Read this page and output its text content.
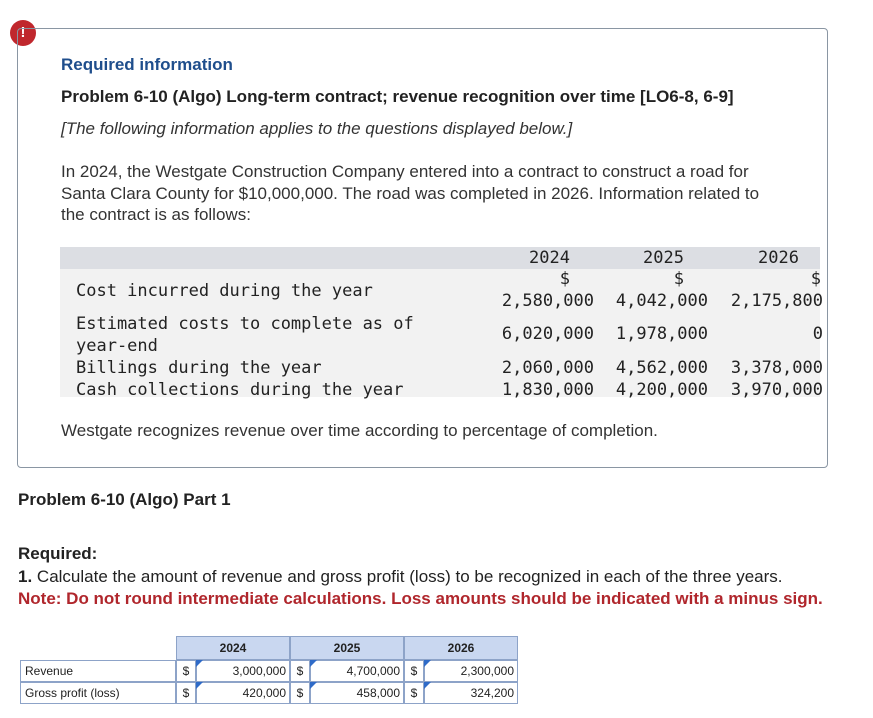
!
Required information
Problem 6-10 (Algo) Long-term contract; revenue recognition over time [LO6-8, 6-9]
[The following information applies to the questions displayed below.]
In 2024, the Westgate Construction Company entered into a contract to construct a road for Santa Clara County for $10,000,000. The road was completed in 2026. Information related to the contract is as follows:
2024	2025	2026
$	$	$
Cost incurred during the year	2,580,000	4,042,000	2,175,800
Estimated costs to complete as of
year-end
6,020,000	1,978,000	0
Billings during the year	2,060,000	4,562,000	3,378,000
Cash collections during the year	1,830,000	4,200,000	3,970,000
Westgate recognizes revenue over time according to percentage of completion.
Problem 6-10 (Algo) Part 1
Required:
1. Calculate the amount of revenue and gross profit (loss) to be recognized in each of the three years.
Note: Do not round intermediate calculations. Loss amounts should be indicated with a minus sign.
2024	2025	2026
Revenue	$	3,000,000 $	4,700,000 $	2,300,000
Gross profit (loss)	$	420,000 $	458,000 $	324,200
